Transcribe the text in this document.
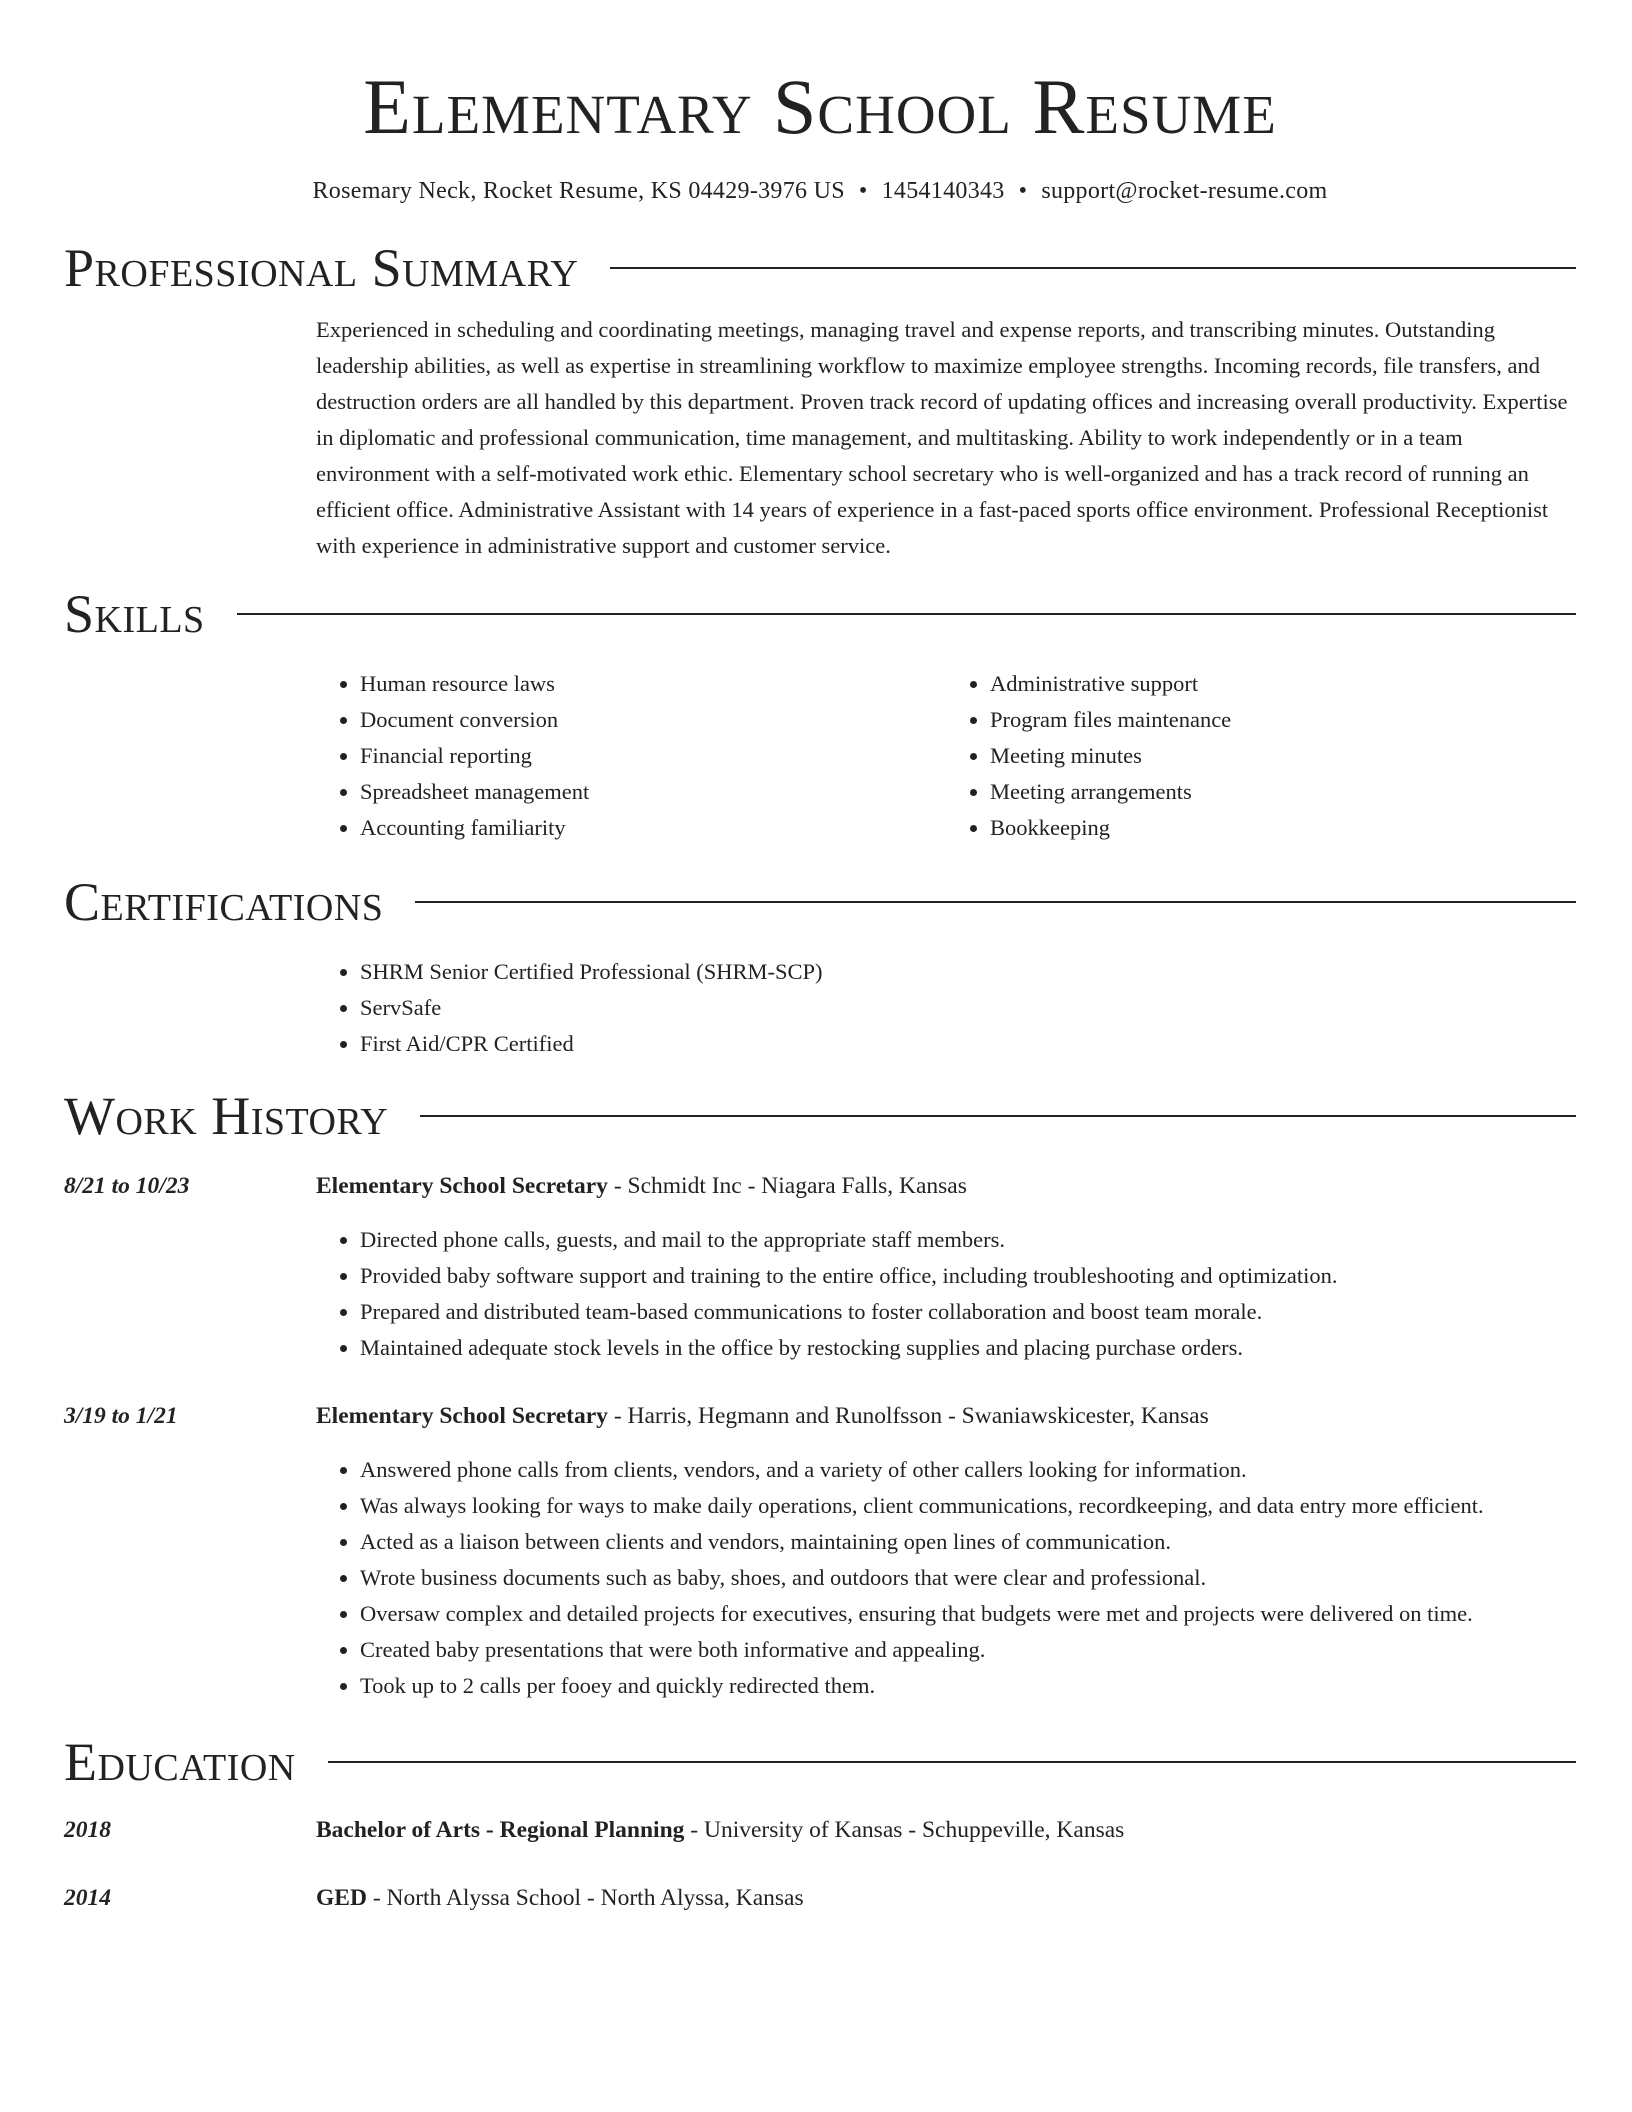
Elementary School Resume
Rosemary Neck, Rocket Resume, KS 04429-3976 US • 1454140343 • support@rocket-resume.com
Professional Summary
Experienced in scheduling and coordinating meetings, managing travel and expense reports, and transcribing minutes. Outstanding leadership abilities, as well as expertise in streamlining workflow to maximize employee strengths. Incoming records, file transfers, and destruction orders are all handled by this department. Proven track record of updating offices and increasing overall productivity. Expertise in diplomatic and professional communication, time management, and multitasking. Ability to work independently or in a team environment with a self-motivated work ethic. Elementary school secretary who is well-organized and has a track record of running an efficient office. Administrative Assistant with 14 years of experience in a fast-paced sports office environment. Professional Receptionist with experience in administrative support and customer service.
Skills
• Human resource laws
• Document conversion
• Financial reporting
• Spreadsheet management
• Accounting familiarity
• Administrative support
• Program files maintenance
• Meeting minutes
• Meeting arrangements
• Bookkeeping
Certifications
• SHRM Senior Certified Professional (SHRM-SCP)
• ServSafe
• First Aid/CPR Certified
Work History
8/21 to 10/23	Elementary School Secretary - Schmidt Inc - Niagara Falls, Kansas
• Directed phone calls, guests, and mail to the appropriate staff members.
• Provided baby software support and training to the entire office, including troubleshooting and optimization.
• Prepared and distributed team-based communications to foster collaboration and boost team morale.
• Maintained adequate stock levels in the office by restocking supplies and placing purchase orders.
3/19 to 1/21	Elementary School Secretary - Harris, Hegmann and Runolfsson - Swaniawskicester, Kansas
• Answered phone calls from clients, vendors, and a variety of other callers looking for information.
• Was always looking for ways to make daily operations, client communications, recordkeeping, and data entry more efficient.
• Acted as a liaison between clients and vendors, maintaining open lines of communication.
• Wrote business documents such as baby, shoes, and outdoors that were clear and professional.
• Oversaw complex and detailed projects for executives, ensuring that budgets were met and projects were delivered on time.
• Created baby presentations that were both informative and appealing.
• Took up to 2 calls per fooey and quickly redirected them.
Education
2018	Bachelor of Arts - Regional Planning - University of Kansas - Schuppeville, Kansas
2014	GED - North Alyssa School - North Alyssa, Kansas
